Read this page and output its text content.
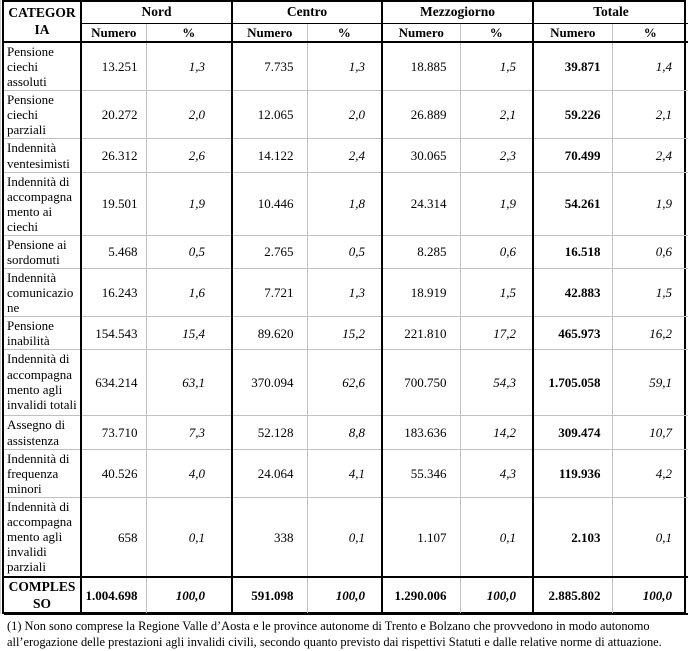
CATEGORIA	Nord		Centro		Mezzogiorno		Totale	
	Numero	%	Numero	%	Numero	%	Numero	%
Pensione ciechi assoluti	13.251	1,3	7.735	1,3	18.885	1,5	39.871	1,4
Pensione ciechi parziali	20.272	2,0	12.065	2,0	26.889	2,1	59.226	2,1
Indennità ventesimisti	26.312	2,6	14.122	2,4	30.065	2,3	70.499	2,4
Indennità di accompagnamento ai ciechi	19.501	1,9	10.446	1,8	24.314	1,9	54.261	1,9
Pensione ai sordomuti	5.468	0,5	2.765	0,5	8.285	0,6	16.518	0,6
Indennità comunicazione	16.243	1,6	7.721	1,3	18.919	1,5	42.883	1,5
Pensione inabilità	154.543	15,4	89.620	15,2	221.810	17,2	465.973	16,2
Indennità di accompagnamento agli invalidi totali	634.214	63,1	370.094	62,6	700.750	54,3	1.705.058	59,1
Assegno di assistenza	73.710	7,3	52.128	8,8	183.636	14,2	309.474	10,7
Indennità di frequenza minori	40.526	4,0	24.064	4,1	55.346	4,3	119.936	4,2
Indennità di accompagnamento agli invalidi parziali	658	0,1	338	0,1	1.107	0,1	2.103	0,1
COMPLESSO	1.004.698	100,0	591.098	100,0	1.290.006	100,0	2.885.802	100,0
(1) Non sono comprese la Regione Valle d’Aosta e le province autonome di Trento e Bolzano che provvedono in modo autonomo all’erogazione delle prestazioni agli invalidi civili, secondo quanto previsto dai rispettivi Statuti e dalle relative norme di attuazione.
